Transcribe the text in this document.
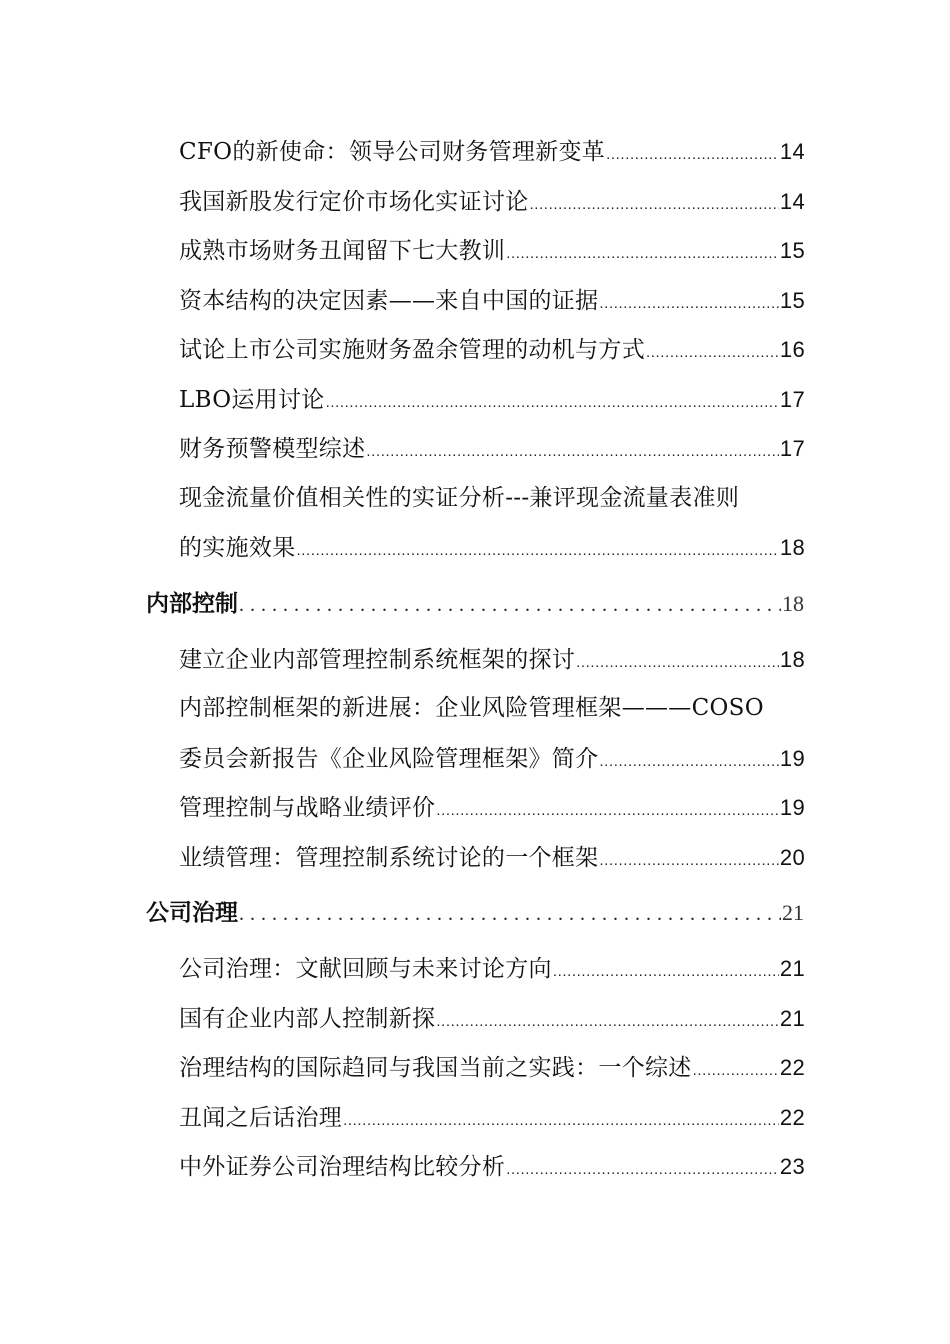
CFO的新使命：领导公司财务管理新变革 .....	14
我国新股发行定价市场化实证讨论 .....	14
成熟市场财务丑闻留下七大教训 .....	15
资本结构的决定因素——来自中国的证据 .....	15
试论上市公司实施财务盈余管理的动机与方式 .....	16
LBO运用讨论 .....	17
财务预警模型综述 .....	17
现金流量价值相关性的实证分析---兼评现金流量表准则
的实施效果 .....	18
内部控制 . . .	18
建立企业内部管理控制系统框架的探讨 .....	18
内部控制框架的新进展：企业风险管理框架———COSO
委员会新报告《企业风险管理框架》简介 .....	19
管理控制与战略业绩评价 .....	19
业绩管理：管理控制系统讨论的一个框架 .....	20
公司治理 . . .	21
公司治理：文献回顾与未来讨论方向 .....	21
国有企业内部人控制新探 .....	21
治理结构的国际趋同与我国当前之实践：一个综述 .....	22
丑闻之后话治理 .....	22
中外证券公司治理结构比较分析 .....	23
